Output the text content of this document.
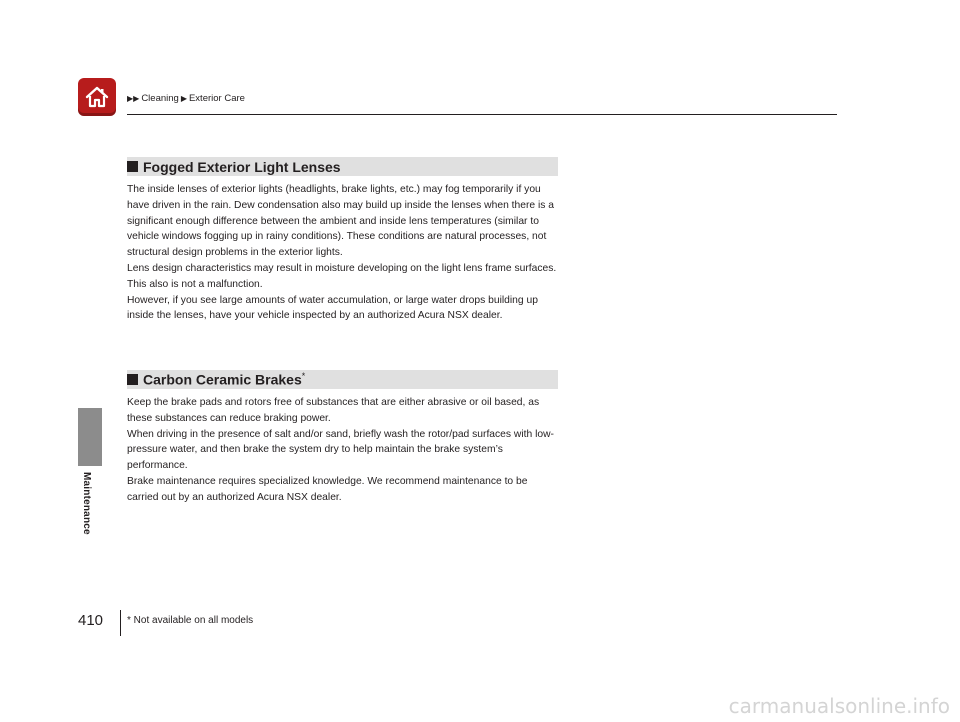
▶▶ Cleaning ▶ Exterior Care
Maintenance
Fogged Exterior Light Lenses

The inside lenses of exterior lights (headlights, brake lights, etc.) may fog temporarily if you have driven in the rain. Dew condensation also may build up inside the lenses when there is a significant enough difference between the ambient and inside lens temperatures (similar to vehicle windows fogging up in rainy conditions). These conditions are natural processes, not structural design problems in the exterior lights.

Lens design characteristics may result in moisture developing on the light lens frame surfaces. This also is not a malfunction.

However, if you see large amounts of water accumulation, or large water drops building up inside the lenses, have your vehicle inspected by an authorized Acura NSX dealer.

Carbon Ceramic Brakes*

Keep the brake pads and rotors free of substances that are either abrasive or oil based, as these substances can reduce braking power.

When driving in the presence of salt and/or sand, briefly wash the rotor/pad surfaces with low-pressure water, and then brake the system dry to help maintain the brake system’s performance.

Brake maintenance requires specialized knowledge. We recommend maintenance to be carried out by an authorized Acura NSX dealer.

410 * Not available on all models
carmanualsonline.info
